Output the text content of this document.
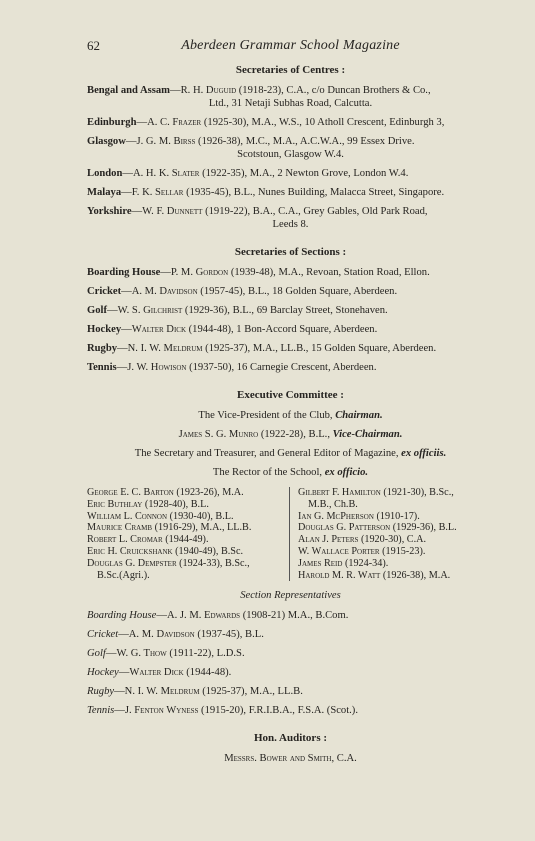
62	Aberdeen Grammar School Magazine
Secretaries of Centres :
Bengal and Assam—R. H. Duguid (1918-23), C.A., c/o Duncan Brothers & Co.,
Ltd., 31 Netaji Subhas Road, Calcutta.
Edinburgh—A. C. Frazer (1925-30), M.A., W.S., 10 Atholl Crescent, Edinburgh 3,
Glasgow—J. G. M. Birss (1926-38), M.C., M.A., A.C.W.A., 99 Essex Drive.
Scotstoun, Glasgow W.4.
London—A. H. K. Slater (1922-35), M.A., 2 Newton Grove, London W.4.
Malaya—F. K. Sellar (1935-45), B.L., Nunes Building, Malacca Street, Singapore.
Yorkshire—W. F. Dunnett (1919-22), B.A., C.A., Grey Gables, Old Park Road,
Leeds 8.
Secretaries of Sections :
Boarding House—P. M. Gordon (1939-48), M.A., Revoan, Station Road, Ellon.
Cricket—A. M. Davidson (1957-45), B.L., 18 Golden Square, Aberdeen.
Golf—W. S. Gilchrist (1929-36), B.L., 69 Barclay Street, Stonehaven.
Hockey—Walter Dick (1944-48), 1 Bon-Accord Square, Aberdeen.
Rugby—N. I. W. Meldrum (1925-37), M.A., LL.B., 15 Golden Square, Aberdeen.
Tennis—J. W. Howison (1937-50), 16 Carnegie Crescent, Aberdeen.
Executive Committee :
The Vice-President of the Club, Chairman.
James S. G. Munro (1922-28), B.L., Vice-Chairman.
The Secretary and Treasurer, and General Editor of Magazine, ex officiis.
The Rector of the School, ex officio.
George E. C. Barton (1923-26), M.A.
Eric Buthlay (1928-40), B.L.
William L. Connon (1930-40), B.L.
Maurice Cramb (1916-29), M.A., LL.B.
Robert L. Cromar (1944-49).
Eric H. Cruickshank (1940-49), B.Sc.
Douglas G. Dempster (1924-33), B.Sc.,
B.Sc.(Agri.).
Gilbert F. Hamilton (1921-30), B.Sc.,
M.B., Ch.B.
Ian G. McPherson (1910-17).
Douglas G. Patterson (1929-36), B.L.
Alan J. Peters (1920-30), C.A.
W. Wallace Porter (1915-23).
James Reid (1924-34).
Harold M. R. Watt (1926-38), M.A.
Section Representatives
Boarding House—A. J. M. Edwards (1908-21) M.A., B.Com.
Cricket—A. M. Davidson (1937-45), B.L.
Golf—W. G. Thow (1911-22), L.D.S.
Hockey—Walter Dick (1944-48).
Rugby—N. I. W. Meldrum (1925-37), M.A., LL.B.
Tennis—J. Fenton Wyness (1915-20), F.R.I.B.A., F.S.A. (Scot.).
Hon. Auditors :
Messrs. Bower and Smith, C.A.
